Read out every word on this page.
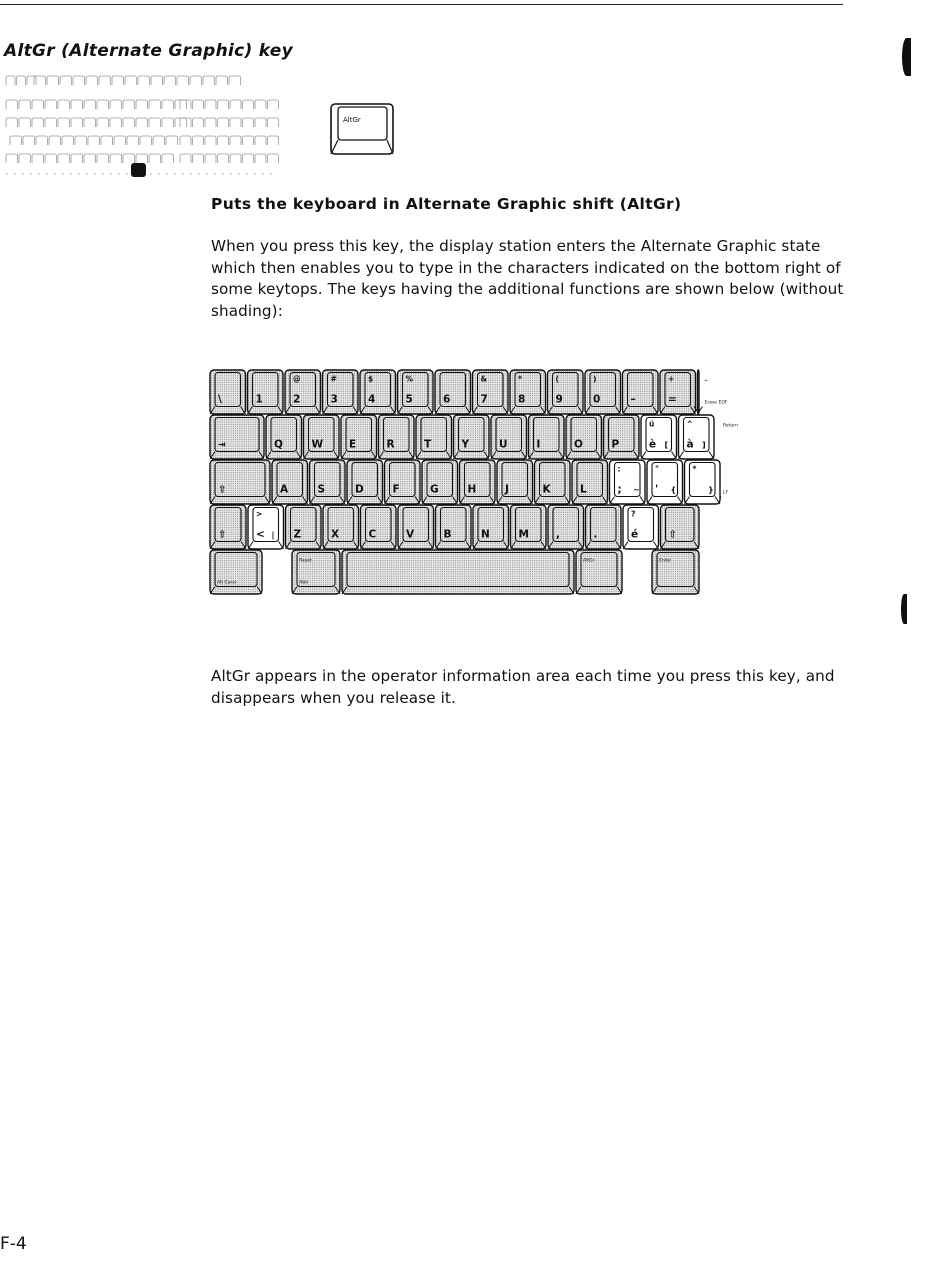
AltGr (Alternate Graphic) key
AltGr
Puts the keyboard in Alternate Graphic shift (AltGr)

When you press this key, the display station enters the Alternate Graphic state which then enables you to type in the characters indicated on the bottom right of some keytops. The keys having the additional functions are shown below (without shading):

\	1
@
2
#
3
$
4
%
5	6
&
7
*
8
(
9
)
0	–
+
=	Erase EOF
←
⇥	Q	W E	R	T	Y	U	I	O	P
ü
è [
^
à ]
LF
Return
⇧	A	S	D	F	G	H	J	K	L
:
; ~
"
' {
*
}
⇧
>
< | Z	X	C	V	B	N	M	,	.
?
é	⇧
Alt Cursr	Attn
Reset	AltGr	Enter

AltGr appears in the operator information area each time you press this key, and disappears when you release it.

F-4
